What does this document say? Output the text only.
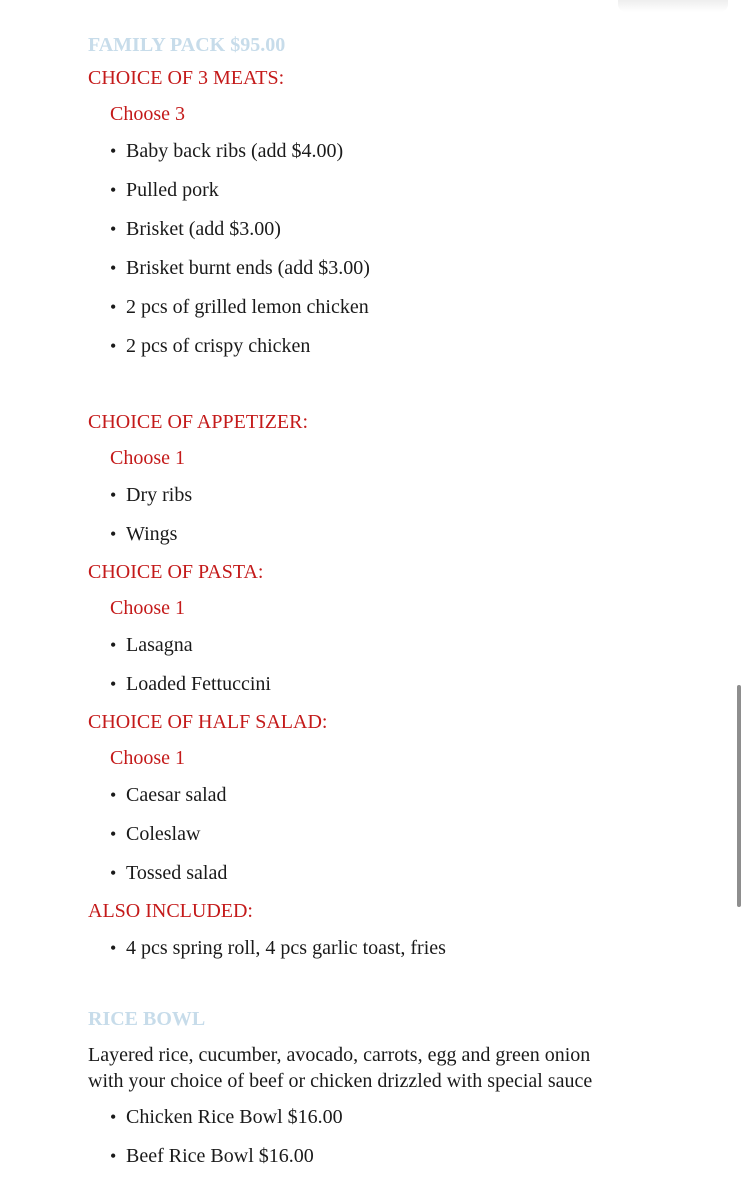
FAMILY PACK $95.00
CHOICE OF 3 MEATS:
Choose 3
• Baby back ribs (add $4.00)
• Pulled pork
• Brisket (add $3.00)
• Brisket burnt ends (add $3.00)
• 2 pcs of grilled lemon chicken
• 2 pcs of crispy chicken
CHOICE OF APPETIZER:
Choose 1
• Dry ribs
• Wings
CHOICE OF PASTA:
Choose 1
• Lasagna
• Loaded Fettuccini
CHOICE OF HALF SALAD:
Choose 1
• Caesar salad
• Coleslaw
• Tossed salad
ALSO INCLUDED:
• 4 pcs spring roll, 4 pcs garlic toast, fries
RICE BOWL

Layered rice, cucumber, avocado, carrots, egg and green onion

with your choice of beef or chicken drizzled with special sauce

• Chicken Rice Bowl $16.00
• Beef Rice Bowl $16.00
